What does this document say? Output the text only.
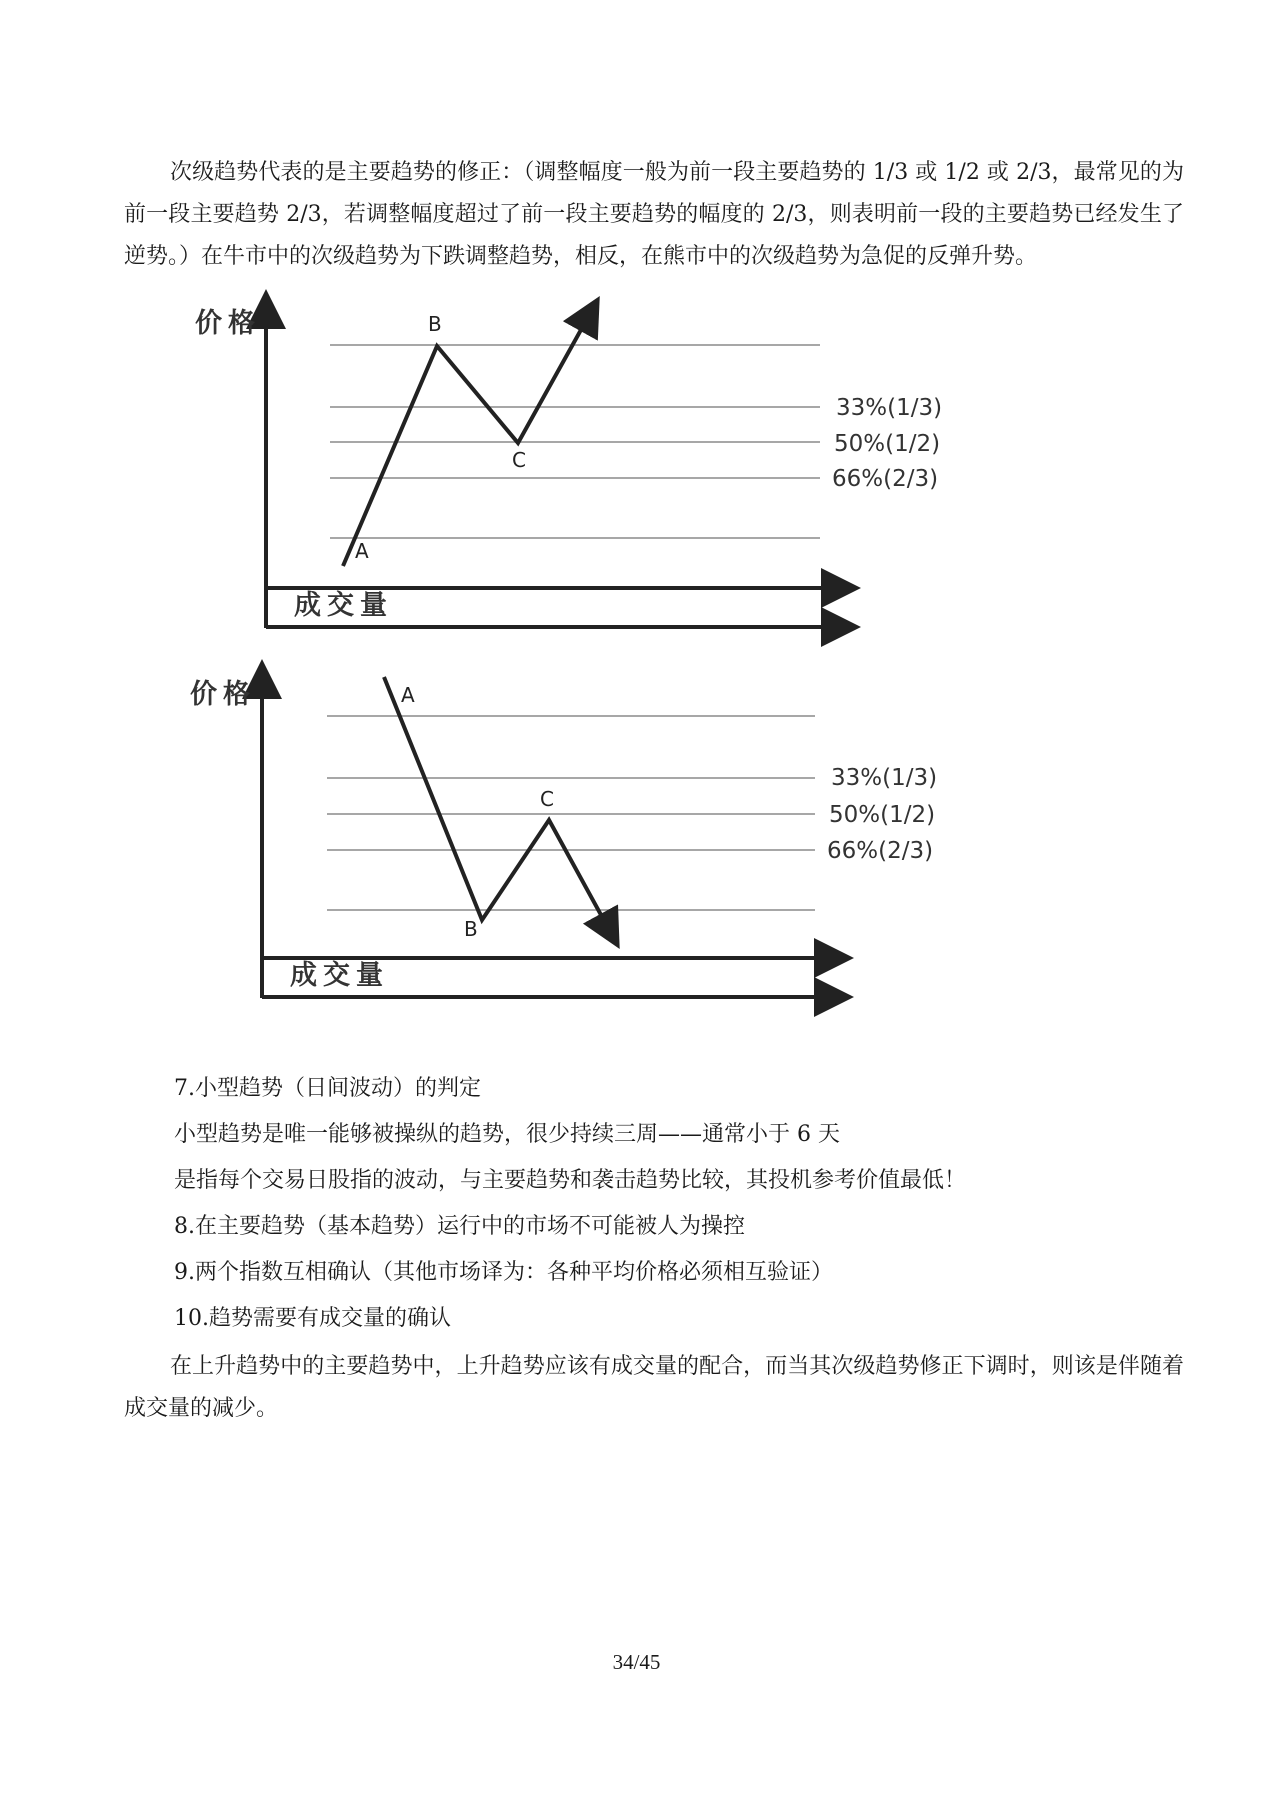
次级趋势代表的是主要趋势的修正：（调整幅度一般为前一段主要趋势的 1/3 或 1/2 或 2/3，最常见的为前一段主要趋势 2/3，若调整幅度超过了前一段主要趋势的幅度的 2/3，则表明前一段的主要趋势已经发生了逆势。）在牛市中的次级趋势为下跌调整趋势，相反，在熊市中的次级趋势为急促的反弹升势。

价格
成交量
B
C
A
33%(1/3)
50%(1/2)
66%(2/3)
价格
成交量
A
C
B
33%(1/3)
50%(1/2)
66%(2/3)
7.小型趋势（日间波动）的判定
小型趋势是唯一能够被操纵的趋势，很少持续三周——通常小于 6 天
是指每个交易日股指的波动，与主要趋势和袭击趋势比较，其投机参考价值最低！
8.在主要趋势（基本趋势）运行中的市场不可能被人为操控
9.两个指数互相确认（其他市场译为：各种平均价格必须相互验证）
10.趋势需要有成交量的确认

在上升趋势中的主要趋势中，上升趋势应该有成交量的配合，而当其次级趋势修正下调时，则该是伴随着成交量的减少。

34/45
